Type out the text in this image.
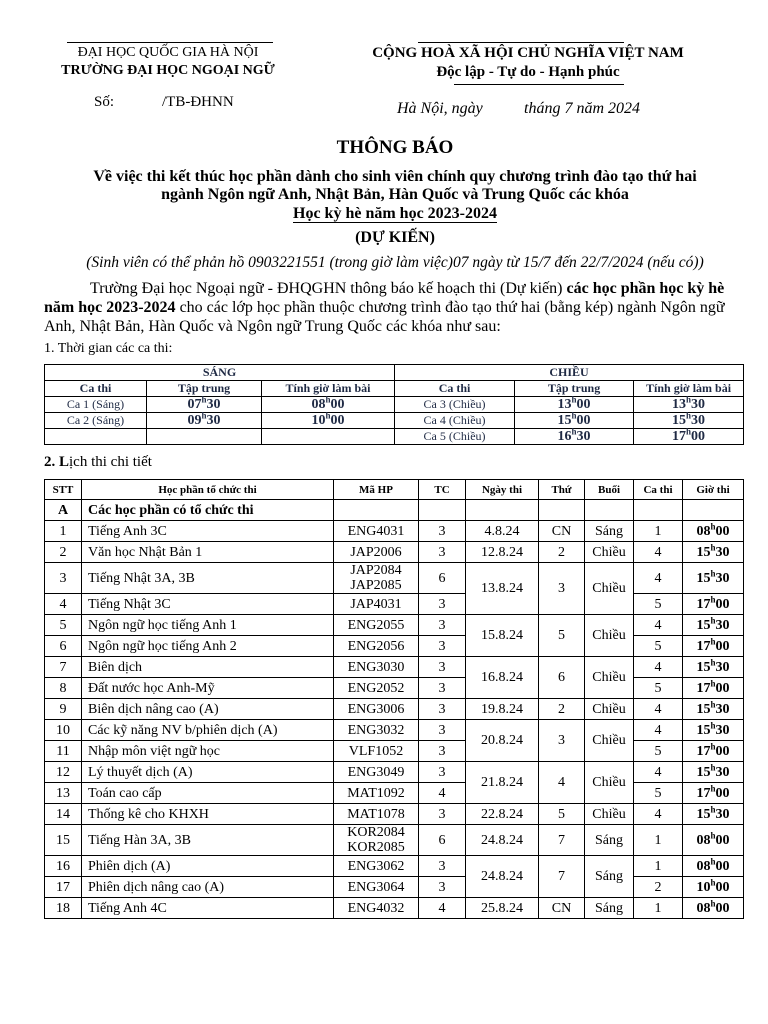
ĐẠI HỌC QUỐC GIA HÀ NỘI
TRƯỜNG ĐẠI HỌC NGOẠI NGỮ
Số:	/TB-ĐHNN
CỘNG HOÀ XÃ HỘI CHỦ NGHĨA VIỆT NAM
Độc lập - Tự do - Hạnh phúc
Hà Nội, ngày	tháng 7 năm 2024
THÔNG BÁO
Về việc thi kết thúc học phần dành cho sinh viên chính quy chương trình đào tạo thứ hai
ngành Ngôn ngữ Anh, Nhật Bản, Hàn Quốc và Trung Quốc các khóa
Học kỳ hè năm học 2023-2024
(DỰ KIẾN)
(Sinh viên có thể phản hồ 0903221551 (trong giờ làm việc)07 ngày từ 15/7 đến 22/7/2024 (nếu có))
Trường Đại học Ngoại ngữ - ĐHQGHN thông báo kế hoạch thi (Dự kiến) các học phần học kỳ hè năm học 2023-2024 cho các lớp học phần thuộc chương trình đào tạo thứ hai (bằng kép) ngành Ngôn ngữ Anh, Nhật Bản, Hàn Quốc và Ngôn ngữ Trung Quốc các khóa như sau:
1. Thời gian các ca thi:
SÁNG			CHIỀU		
Ca thi	Tập trung	Tính giờ làm bài	Ca thi	Tập trung	Tính giờ làm bài
Ca 1 (Sáng)	07$^h$30	08$^h$00	Ca 3 (Chiều)	13$^h$00	13$^h$30
Ca 2 (Sáng)	09$^h$30	10$^h$00	Ca 4 (Chiều)	15$^h$00	15$^h$30
			Ca 5 (Chiều)	16$^h$30	17$^h$00
2. Lịch thi chi tiết
STT	Học phần tổ chức thi	Mã HP	TC	Ngày thi	Thứ	Buổi	Ca thi	Giờ thi
A	Các học phần có tổ chức thi							
1	Tiếng Anh 3C	ENG4031	3	4.8.24	CN	Sáng	1	08$^h$00
2	Văn học Nhật Bản 1	JAP2006	3	12.8.24	2	Chiều	4	15$^h$30
3	Tiếng Nhật 3A, 3B	JAP2084
JAP2085	6	13.8.24	3	Chiều	4	15$^h$30
4	Tiếng Nhật 3C	JAP4031	3				5	17$^h$00
5	Ngôn ngữ học tiếng Anh 1	ENG2055	3	15.8.24	5	Chiều	4	15$^h$30
6	Ngôn ngữ học tiếng Anh 2	ENG2056	3				5	17$^h$00
7	Biên dịch	ENG3030	3	16.8.24	6	Chiều	4	15$^h$30
8	Đất nước học Anh-Mỹ	ENG2052	3				5	17$^h$00
9	Biên dịch nâng cao (A)	ENG3006	3	19.8.24	2	Chiều	4	15$^h$30
10	Các kỹ năng NV b/phiên dịch (A)	ENG3032	3	20.8.24	3	Chiều	4	15$^h$30
11	Nhập môn việt ngữ học	VLF1052	3				5	17$^h$00
12	Lý thuyết dịch (A)	ENG3049	3	21.8.24	4	Chiều	4	15$^h$30
13	Toán cao cấp	MAT1092	4				5	17$^h$00
14	Thống kê cho KHXH	MAT1078	3	22.8.24	5	Chiều	4	15$^h$30
15	Tiếng Hàn 3A, 3B	KOR2084
KOR2085	6	24.8.24	7	Sáng	1	08$^h$00
16	Phiên dịch (A)	ENG3062	3	24.8.24	7	Sáng	1	08$^h$00
17	Phiên dịch nâng cao (A)	ENG3064	3				2	10$^h$00
18	Tiếng Anh 4C	ENG4032	4	25.8.24	CN	Sáng	1	08$^h$00
